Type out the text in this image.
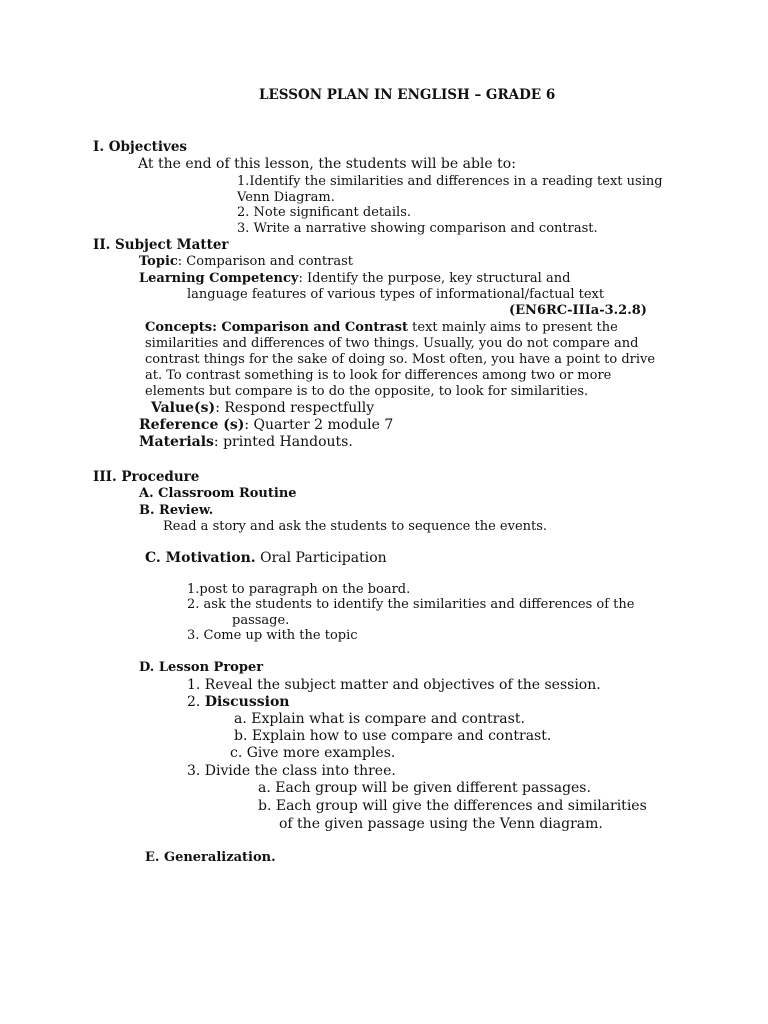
LESSON PLAN IN ENGLISH – GRADE 6
I. Objectives
At the end of this lesson, the students will be able to:
1.Identify the similarities and differences in a reading text using
Venn Diagram.
2. Note significant details.
3. Write a narrative showing comparison and contrast.
II. Subject Matter
Topic: Comparison and contrast
Learning Competency: Identify the purpose, key structural and
language features of various types of informational/factual text
(EN6RC-IIIa-3.2.8)
Concepts: Comparison and Contrast text mainly aims to present the
similarities and differences of two things. Usually, you do not compare and
contrast things for the sake of doing so. Most often, you have a point to drive
at. To contrast something is to look for differences among two or more
elements but compare is to do the opposite, to look for similarities.
Value(s): Respond respectfully
Reference (s): Quarter 2 module 7
Materials: printed Handouts.
III. Procedure
A. Classroom Routine
B. Review.
Read a story and ask the students to sequence the events.
C. Motivation. Oral Participation
1.post to paragraph on the board.
2. ask the students to identify the similarities and differences of the
passage.
3. Come up with the topic
D. Lesson Proper
1. Reveal the subject matter and objectives of the session.
2. Discussion
a. Explain what is compare and contrast.
b. Explain how to use compare and contrast.
c. Give more examples.
3. Divide the class into three.
a. Each group will be given different passages.
b. Each group will give the differences and similarities
of the given passage using the Venn diagram.
E. Generalization.
